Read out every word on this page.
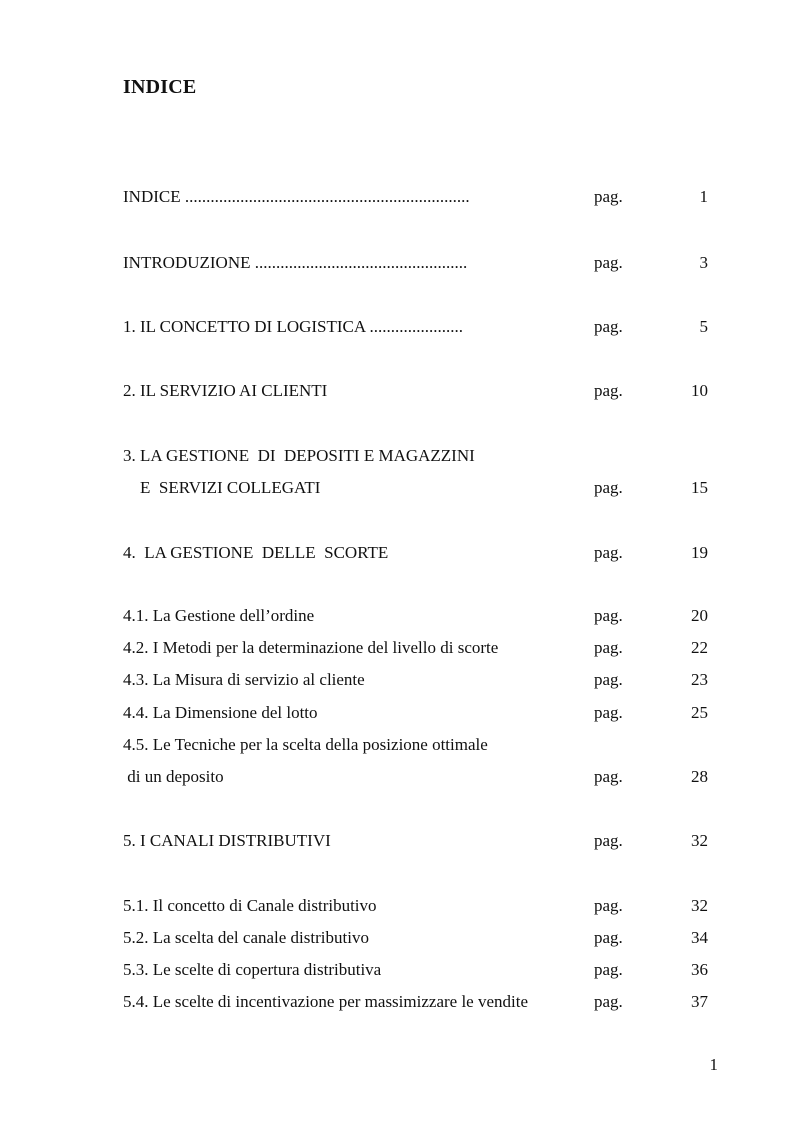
INDICE
INDICE ...................................................................	pag.	1
INTRODUZIONE ..................................................	pag.	3
1. IL CONCETTO DI LOGISTICA ......................	pag.	5
2. IL SERVIZIO AI CLIENTI	pag.	10
3. LA GESTIONE  DI  DEPOSITI E MAGAZZINI
E  SERVIZI COLLEGATI	pag.	15
4.  LA GESTIONE  DELLE  SCORTE	pag.	19
4.1. La Gestione dell’ordine	pag.	20
4.2. I Metodi per la determinazione del livello di scorte	pag.	22
4.3. La Misura di servizio al cliente	pag.	23
4.4. La Dimensione del lotto	pag.	25
4.5. Le Tecniche per la scelta della posizione ottimale
di un deposito	pag.	28
5. I CANALI DISTRIBUTIVI	pag.	32
5.1. Il concetto di Canale distributivo	pag.	32
5.2. La scelta del canale distributivo	pag.	34
5.3. Le scelte di copertura distributiva	pag.	36
5.4. Le scelte di incentivazione per massimizzare le vendite	pag.	37
1
